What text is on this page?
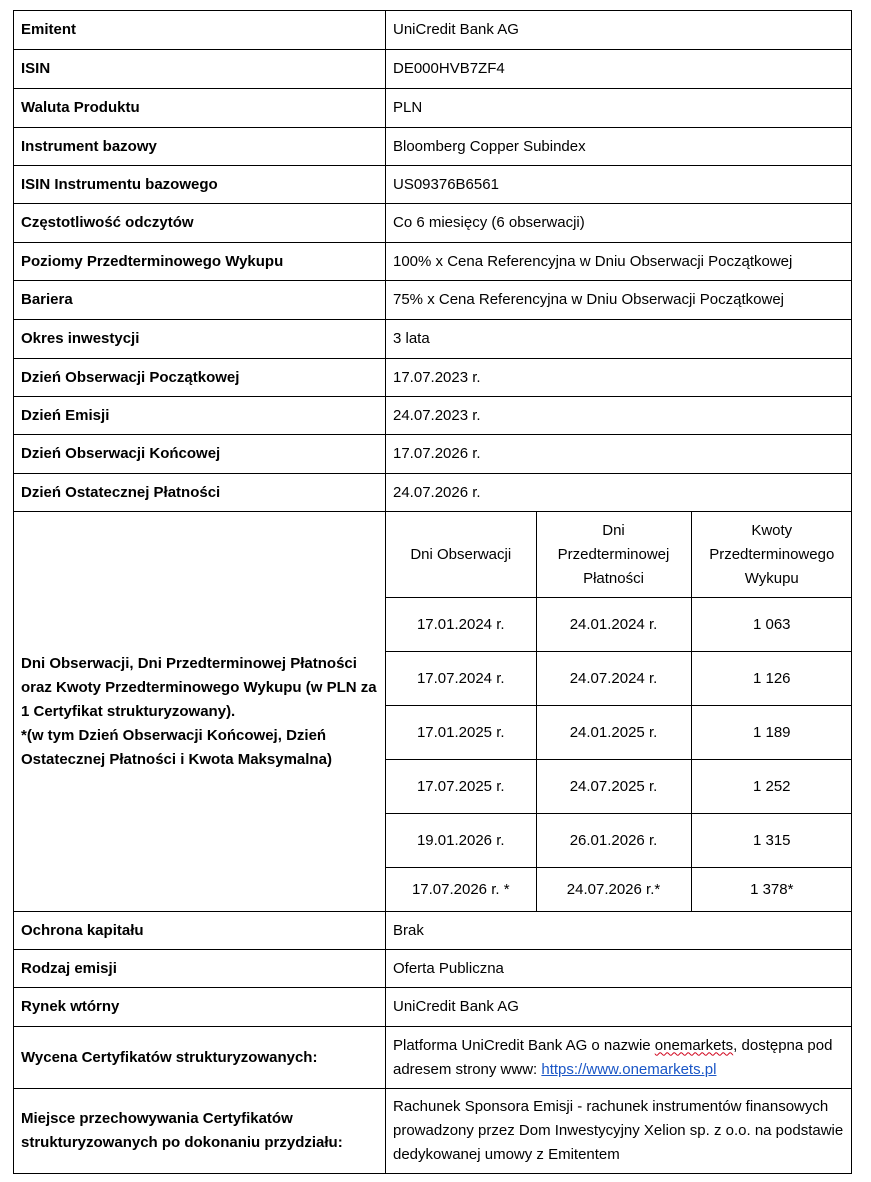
Emitent	UniCredit Bank AG
ISIN	DE000HVB7ZF4
Waluta Produktu	PLN
Instrument bazowy	Bloomberg Copper Subindex
ISIN Instrumentu bazowego	US09376B6561
Częstotliwość odczytów	Co 6 miesięcy (6 obserwacji)
Poziomy Przedterminowego Wykupu	100% x Cena Referencyjna w Dniu Obserwacji Początkowej
Bariera	75% x Cena Referencyjna w Dniu Obserwacji Początkowej
Okres inwestycji	3 lata
Dzień Obserwacji Początkowej	17.07.2023 r.
Dzień Emisji	24.07.2023 r.
Dzień Obserwacji Końcowej	17.07.2026 r.
Dzień Ostatecznej Płatności	24.07.2026 r.

Dni Obserwacji, Dni Przedterminowej Płatności oraz Kwoty Przedterminowego Wykupu (w PLN za 1 Certyfikat strukturyzowany).
*(w tym Dzień Obserwacji Końcowej, Dzień Ostatecznej Płatności i Kwota Maksymalna)

Dni Obserwacji	Dni Przedterminowej Płatności	Kwoty Przedterminowego Wykupu
17.01.2024 r.	24.01.2024 r.	1 063
17.07.2024 r.	24.07.2024 r.	1 126
17.01.2025 r.	24.01.2025 r.	1 189
17.07.2025 r.	24.07.2025 r.	1 252
19.01.2026 r.	26.01.2026 r.	1 315
17.07.2026 r. *	24.07.2026 r.*	1 378*

Ochrona kapitału	Brak
Rodzaj emisji	Oferta Publiczna
Rynek wtórny	UniCredit Bank AG
Wycena Certyfikatów strukturyzowanych:	Platforma UniCredit Bank AG o nazwie onemarkets, dostępna pod adresem strony www: https://www.onemarkets.pl
Miejsce przechowywania Certyfikatów strukturyzowanych po dokonaniu przydziału:	Rachunek Sponsora Emisji - rachunek instrumentów finansowych prowadzony przez Dom Inwestycyjny Xelion sp. z o.o. na podstawie dedykowanej umowy z Emitentem
